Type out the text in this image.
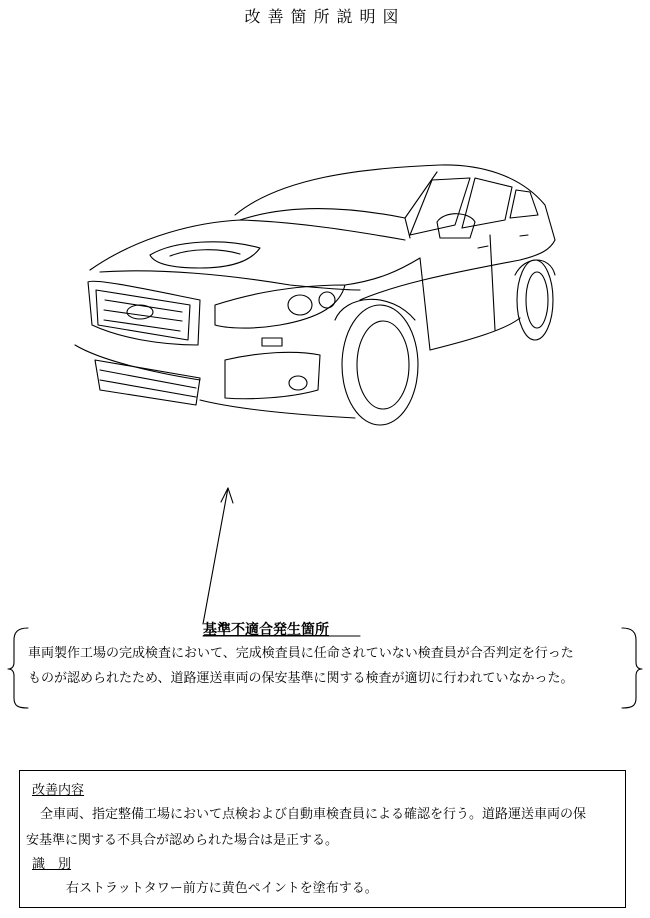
改善箇所説明図
基準不適合発生箇所
車両製作工場の完成検査において、完成検査員に任命されていない検査員が合否判定を行った
ものが認められたため、道路運送車両の保安基準に関する検査が適切に行われていなかった。
改善内容
全車両、指定整備工場において点検および自動車検査員による確認を行う。道路運送車両の保
安基準に関する不具合が認められた場合は是正する。
識　別
右ストラットタワー前方に黄色ペイントを塗布する。
